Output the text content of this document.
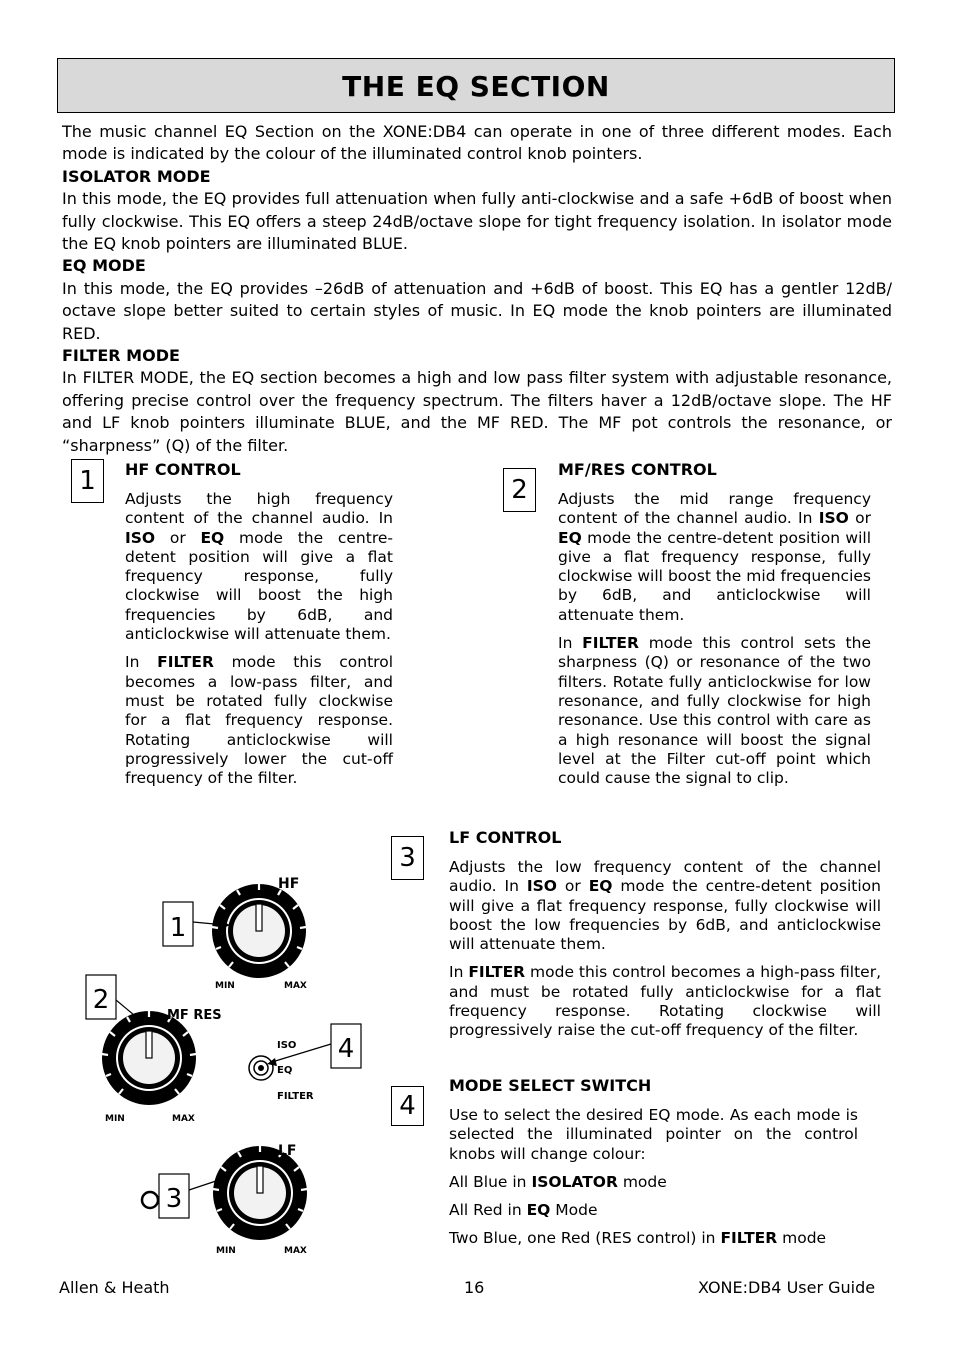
THE EQ SECTION

The music channel EQ Section on the XONE:DB4 can operate in one of three different modes. Each mode is indicated by the colour of the illuminated control knob pointers.

ISOLATOR MODE

In this mode, the EQ provides full attenuation when fully anti-clockwise and a safe +6dB of boost when fully clockwise. This EQ offers a steep 24dB/octave slope for tight frequency isolation. In isolator mode the EQ knob pointers are illuminated BLUE.

EQ MODE

In this mode, the EQ provides –26dB of attenuation and +6dB of boost. This EQ has a gentler 12dB/ octave slope better suited to certain styles of music. In EQ mode the knob pointers are illuminated RED.

FILTER MODE

In FILTER MODE, the EQ section becomes a high and low pass filter system with adjustable resonance, offering precise control over the frequency spectrum. The filters haver a 12dB/octave slope. The HF and LF knob pointers illuminate BLUE, and the MF RED. The MF pot controls the resonance, or “sharpness” (Q) of the filter.

1	HF CONTROL

Adjusts the high frequency content of the channel audio. In ISO or EQ mode the centre-detent position will give a flat frequency response, fully clockwise will boost the high frequencies by 6dB, and anticlockwise will attenuate them.

In FILTER mode this control becomes a low-pass filter, and must be rotated fully clockwise for a flat frequency response. Rotating anticlockwise will progressively lower the cut-off frequency of the filter.

2
MF/RES CONTROL

Adjusts the mid range frequency content of the channel audio. In ISO or EQ mode the centre-detent position will give a flat frequency response, fully clockwise will boost the mid frequencies by 6dB, and anticlockwise will attenuate them.

In FILTER mode this control sets the sharpness (Q) or resonance of the two filters. Rotate fully anticlockwise for low resonance, and fully clockwise for high resonance. Use this control with care as a high resonance will boost the signal level at the Filter cut-off point which could cause the signal to clip.

3
LF CONTROL

Adjusts the low frequency content of the channel audio. In ISO or EQ mode the centre-detent position will give a flat frequency response, fully clockwise will boost the low frequencies by 6dB, and anticlockwise will attenuate them.

In FILTER mode this control becomes a high-pass filter, and must be rotated fully anticlockwise for a flat frequency response. Rotating clockwise will progressively raise the cut-off frequency of the filter.

4
MODE SELECT SWITCH

Use to select the desired EQ mode. As each mode is selected the illuminated pointer on the control knobs will change colour:

All Blue in ISOLATOR mode

All Red in EQ Mode

Two Blue, one Red (RES control) in FILTER mode

HF
MIN	MAX
MF RES
MIN	MAX
LF
MIN	MAX
ISO
EQ
FILTER
1
2
3
4
Allen & Heath	16	XONE:DB4 User Guide
